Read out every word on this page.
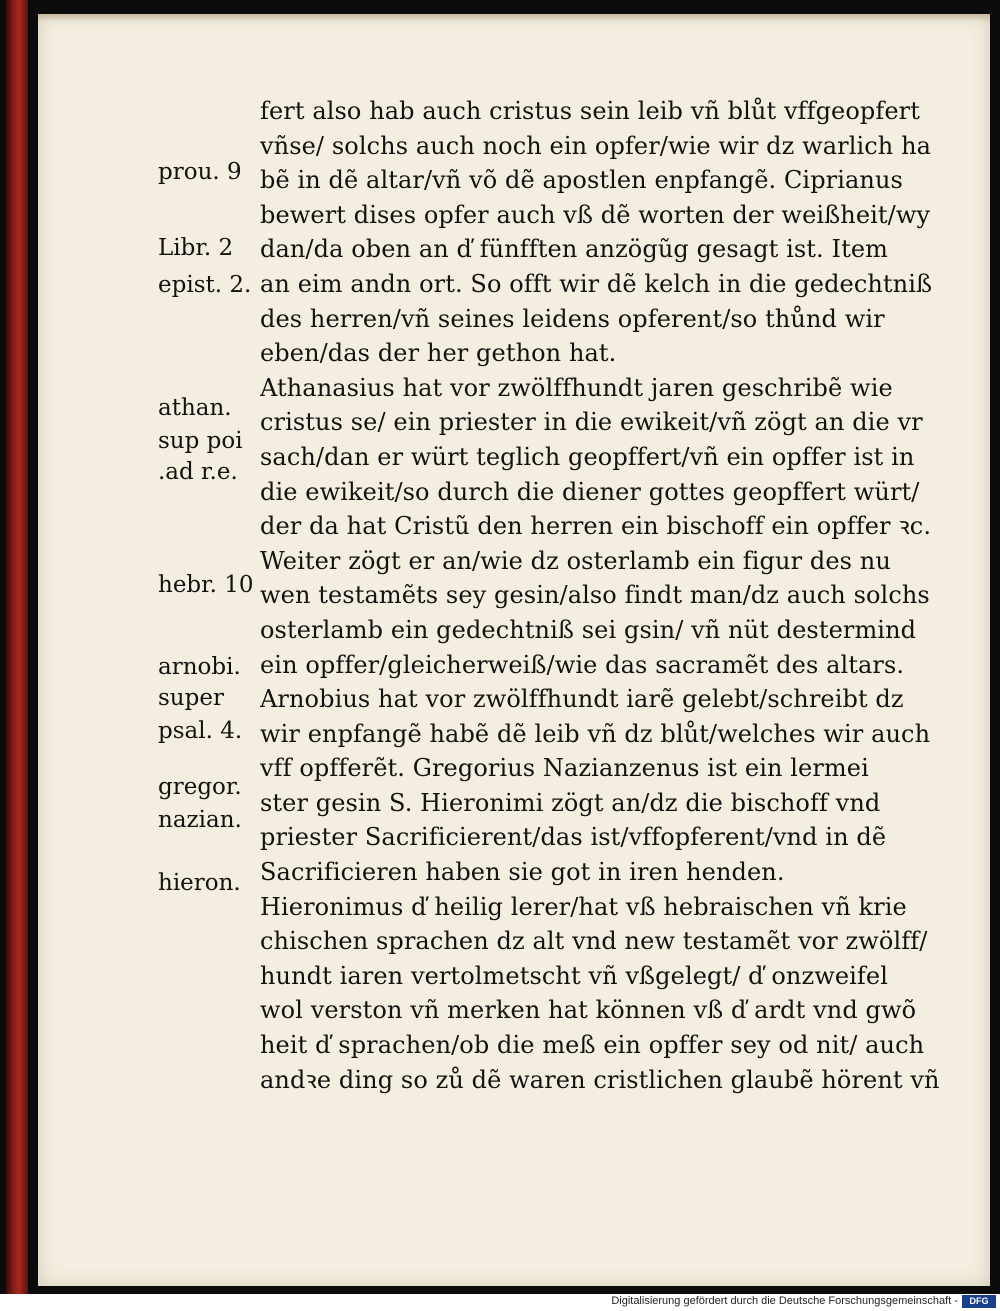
fert also hab auch cristus sein leib vñ blůt vffgeopfert
vñse/ solchs auch noch ein opfer/wie wir dz warlich ha
bẽ in dẽ altar/vñ võ dẽ apostlen enpfangẽ. Ciprianus
bewert dises opfer auch vß dẽ worten der weißheit/wy
dan/da oben an ď fünfften anzögũg gesagt ist. Item
an eim andn ort. So offt wir dẽ kelch in die gedechtniß
des herren/vñ seines leidens opferent/so thůnd wir
eben/das der her gethon hat.
Athanasius hat vor zwölffhundt jaren geschribẽ wie
cristus se/ ein priester in die ewikeit/vñ zögt an die vr
sach/dan er würt teglich geopffert/vñ ein opffer ist in
die ewikeit/so durch die diener gottes geopffert würt/
der da hat Cristũ den herren ein bischoff ein opffer ꝛc.
Weiter zögt er an/wie dz osterlamb ein figur des nu
wen testamẽts sey gesin/also findt man/dz auch solchs
osterlamb ein gedechtniß sei gsin/ vñ nüt destermind
ein opffer/gleicherweiß/wie das sacramẽt des altars.
Arnobius hat vor zwölffhundt iarẽ gelebt/schreibt dz
wir enpfangẽ habẽ dẽ leib vñ dz blůt/welches wir auch
vff opfferẽt. Gregorius Nazianzenus ist ein lermei
ster gesin S. Hieronimi zögt an/dz die bischoff vnd
priester Sacrificierent/das ist/vffopferent/vnd in dẽ
Sacrificieren haben sie got in iren henden.
Hieronimus ď heilig lerer/hat vß hebraischen vñ krie
chischen sprachen dz alt vnd new testamẽt vor zwölff/
hundt iaren vertolmetscht vñ vßgelegt/ ď onzweifel
wol verston vñ merken hat können vß ď ardt vnd gwõ
heit ď sprachen/ob die meß ein opffer sey od nit/ auch
andꝛe ding so zů dẽ waren cristlichen glaubẽ hörent vñ
prou. 9
Libr. 2
epist. 2.
athan.
sup poi
.ad r.e.
hebr. 10
arnobi.
super
psal. 4.
gregor.
nazian.
hieron.
Digitalisierung gefördert durch die Deutsche Forschungsgemeinschaft -	DFG
